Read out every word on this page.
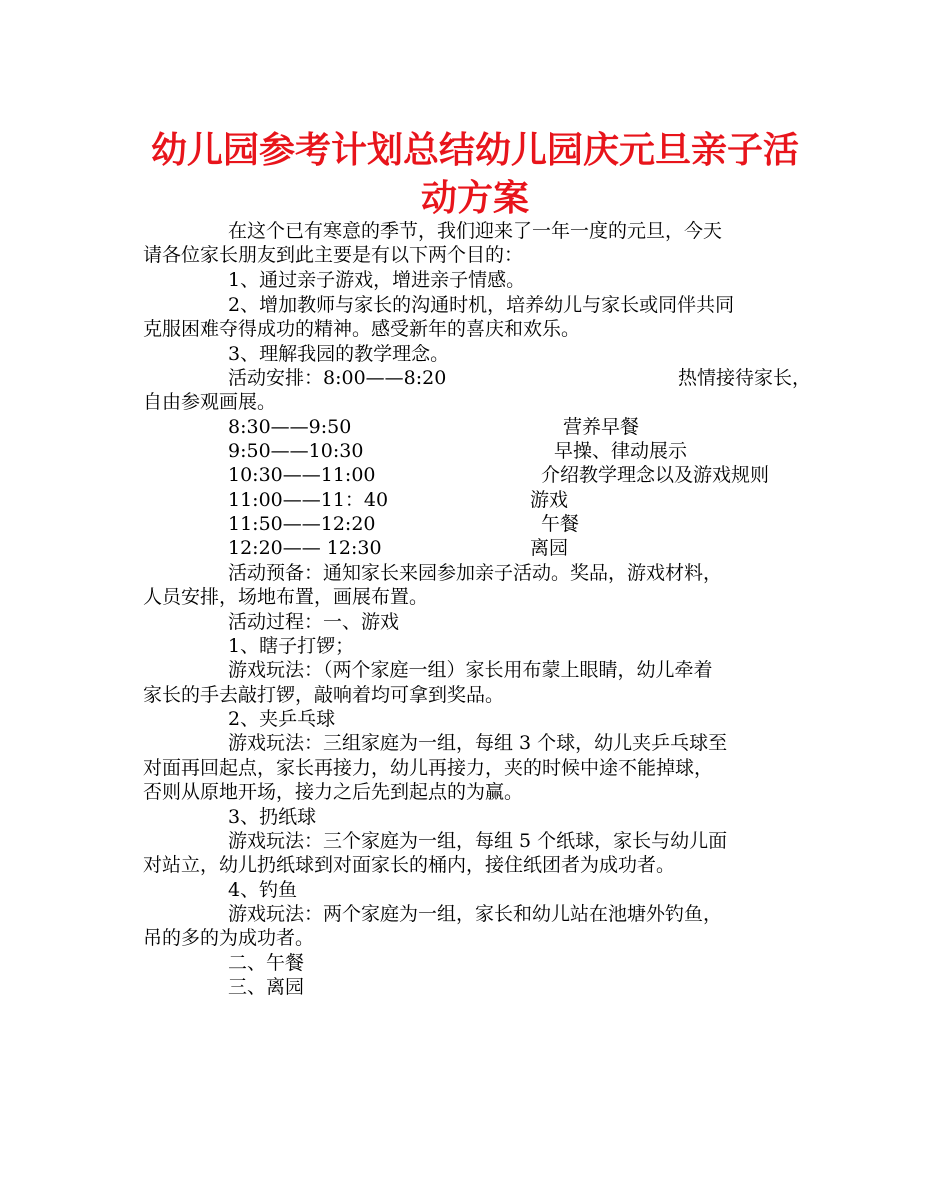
幼儿园参考计划总结幼儿园庆元旦亲子活
动方案
在这个已有寒意的季节，我们迎来了一年一度的元旦，今天
请各位家长朋友到此主要是有以下两个目的：
1、通过亲子游戏，增进亲子情感。
2、增加教师与家长的沟通时机，培养幼儿与家长或同伴共同
克服困难夺得成功的精神。感受新年的喜庆和欢乐。
3、理解我园的教学理念。
活动安排：8:00——8:20	热情接待家长，
自由参观画展。
8:30——9:50	营养早餐
9:50——10:30	早操、律动展示
10:30——11:00	介绍教学理念以及游戏规则
11:00——11：40	游戏
11:50——12:20	午餐
12:20—— 12:30	离园
活动预备：通知家长来园参加亲子活动。奖品，游戏材料，
人员安排，场地布置，画展布置。
活动过程：一、游戏
1、瞎子打锣；
游戏玩法：（两个家庭一组）家长用布蒙上眼睛，幼儿牵着
家长的手去敲打锣，敲响着均可拿到奖品。
2、夹乒乓球
游戏玩法：三组家庭为一组，每组 3 个球，幼儿夹乒乓球至
对面再回起点，家长再接力，幼儿再接力，夹的时候中途不能掉球，
否则从原地开场，接力之后先到起点的为赢。
3、扔纸球
游戏玩法：三个家庭为一组，每组 5 个纸球，家长与幼儿面
对站立，幼儿扔纸球到对面家长的桶内，接住纸团者为成功者。
4、钓鱼
游戏玩法：两个家庭为一组，家长和幼儿站在池塘外钓鱼，
吊的多的为成功者。
二、午餐
三、离园
